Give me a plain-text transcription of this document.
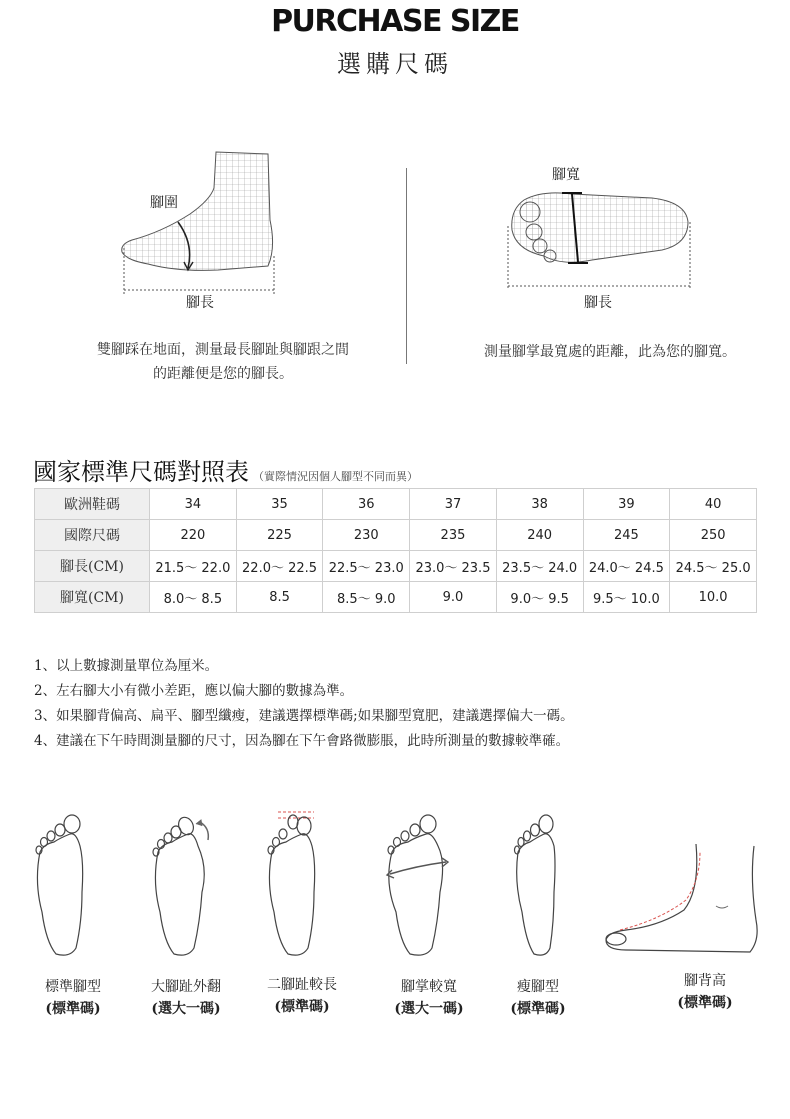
PURCHASE SIZE
選購尺碼
腳圍
腳長
雙腳踩在地面，測量最長腳趾與腳跟之間
的距離便是您的腳長。
腳寬
腳長
測量腳掌最寬處的距離，此為您的腳寬。
國家標準尺碼對照表 （實際情況因個人腳型不同而異）
歐洲鞋碼	34	35	36	37	38	39	40
國際尺碼	220	225	230	235	240	245	250
腳長(CM)	21.5～ 22.0	22.0～ 22.5	22.5～ 23.0	23.0～ 23.5	23.5～ 24.0	24.0～ 24.5	24.5～ 25.0
腳寬(CM)	8.0～ 8.5	8.5	8.5～ 9.0	9.0	9.0～ 9.5	9.5～ 10.0	10.0
1、以上數據測量單位為厘米。
2、左右腳大小有微小差距，應以偏大腳的數據為準。
3、如果腳背偏高、扁平、腳型纖瘦，建議選擇標準碼;如果腳型寬肥，建議選擇偏大一碼。
4、建議在下午時間測量腳的尺寸，因為腳在下午會路微膨脹，此時所測量的數據較準確。
標準腳型
(標準碼)
大腳趾外翻
(選大一碼)
二腳趾較長
(標準碼)
腳掌較寬
(選大一碼)
瘦腳型
(標準碼)
腳背高
(標準碼)
